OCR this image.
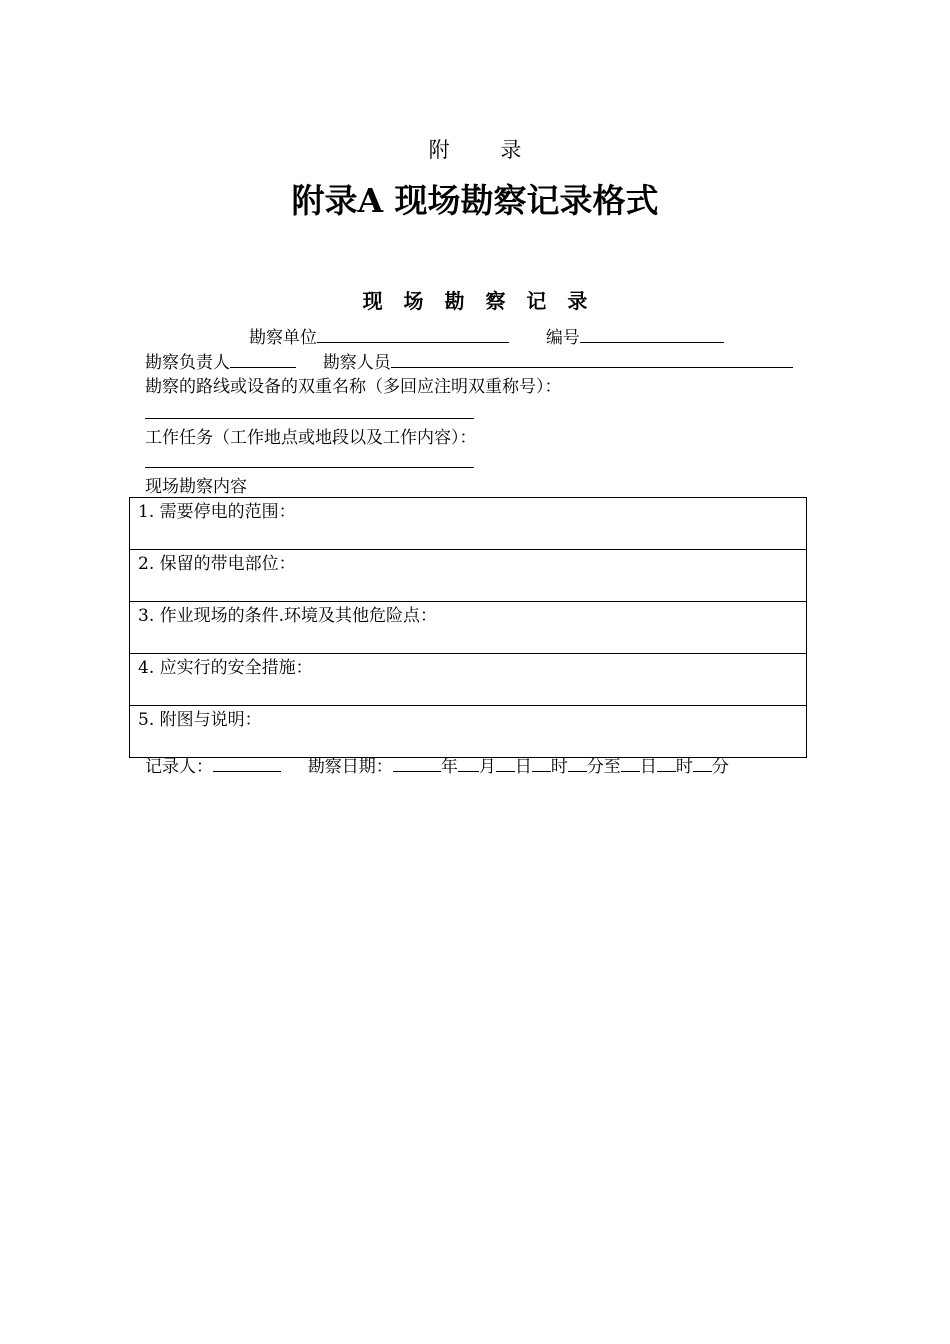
附 录
附录A 现场勘察记录格式
现 场 勘 察 记 录
勘察单位	编号
勘察负责人	勘察人员
勘察的路线或设备的双重名称（多回应注明双重称号）：
工作任务（工作地点或地段以及工作内容）：
现场勘察内容
1. 需要停电的范围：
2. 保留的带电部位：
3. 作业现场的条件.环境及其他危险点：
4. 应实行的安全措施：
5. 附图与说明：
记录人：	勘察日期：	年 月 日 时 分至 日 时 分
